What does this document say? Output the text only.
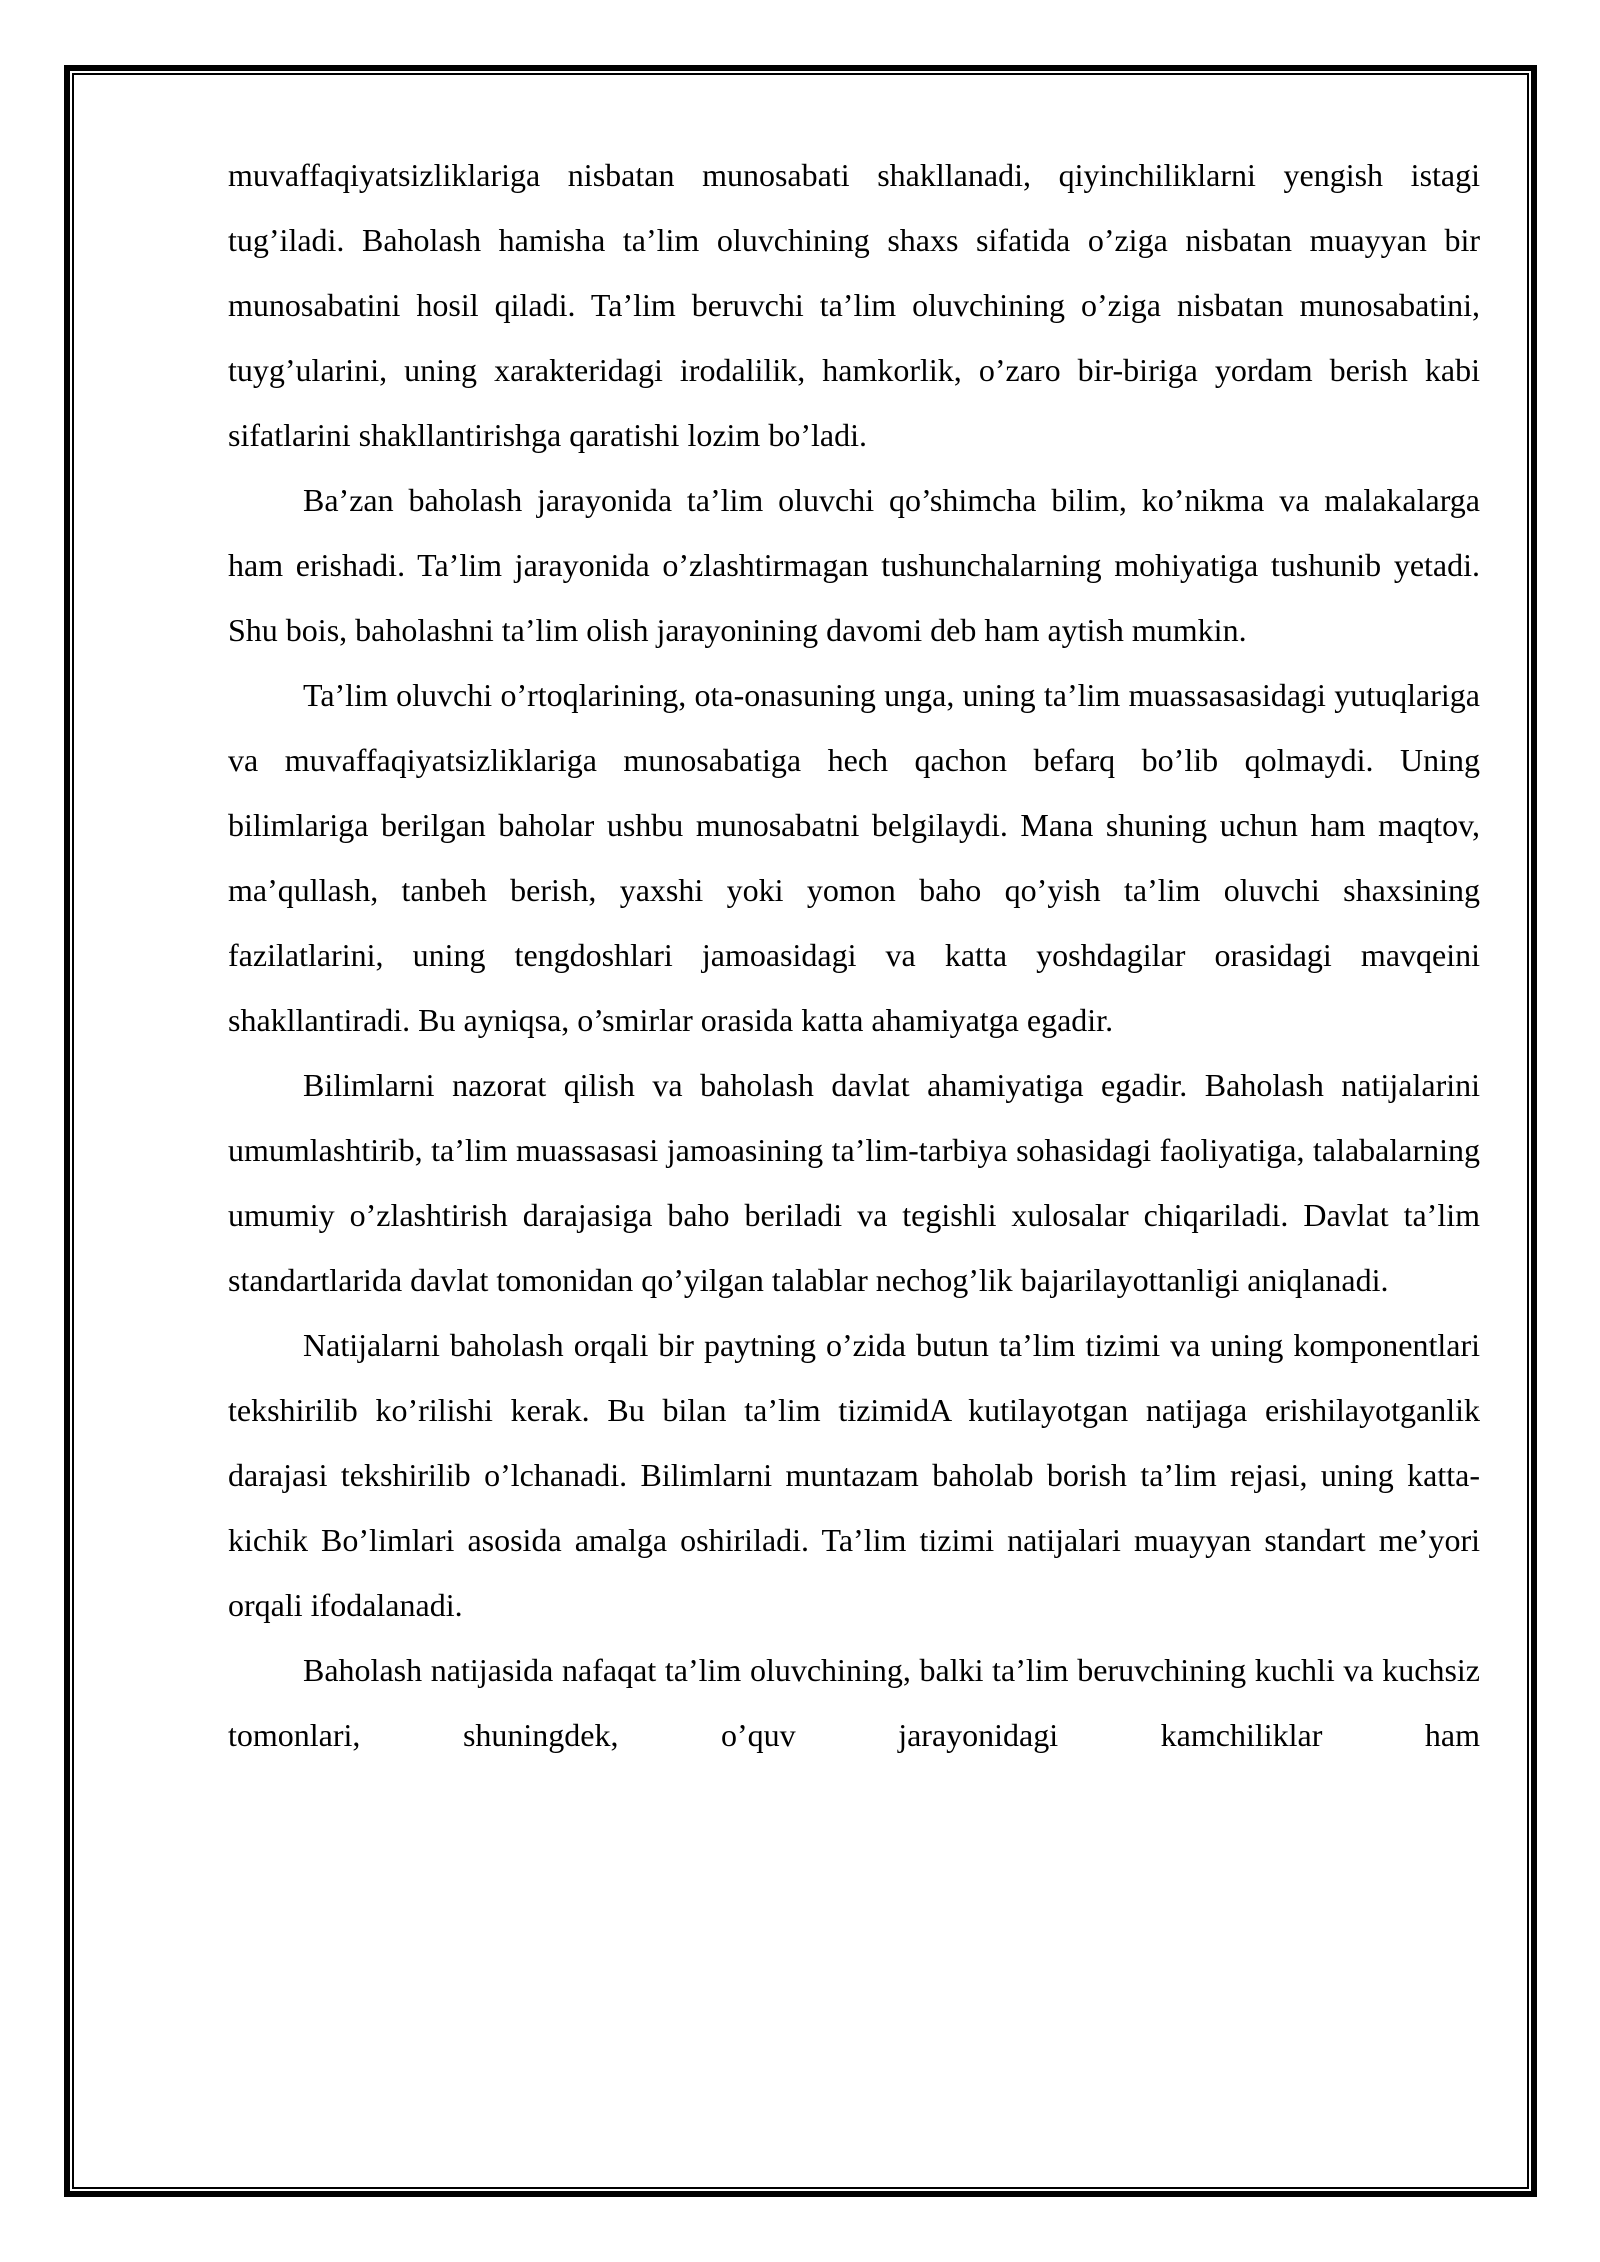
muvaffaqiyatsizliklariga nisbatan munosabati shakllanadi, qiyinchiliklarni yengish istagi tug’iladi. Baholash hamisha ta’lim oluvchining shaxs sifatida o’ziga nisbatan muayyan bir munosabatini hosil qiladi. Ta’lim beruvchi ta’lim oluvchining o’ziga nisbatan munosabatini, tuyg’ularini, uning xarakteridagi irodalilik, hamkorlik, o’zaro bir-biriga yordam berish kabi sifatlarini shakllantirishga qaratishi lozim bo’ladi.

Ba’zan baholash jarayonida ta’lim oluvchi qo’shimcha bilim, ko’nikma va malakalarga ham erishadi. Ta’lim jarayonida o’zlashtirmagan tushunchalarning mohiyatiga tushunib yetadi. Shu bois, baholashni ta’lim olish jarayonining davomi deb ham aytish mumkin.

Ta’lim oluvchi o’rtoqlarining, ota-onasuning unga, uning ta’lim muassasasidagi yutuqlariga va muvaffaqiyatsizliklariga munosabatiga hech qachon befarq bo’lib qolmaydi. Uning bilimlariga berilgan baholar ushbu munosabatni belgilaydi. Mana shuning uchun ham maqtov, ma’qullash, tanbeh berish, yaxshi yoki yomon baho qo’yish ta’lim oluvchi shaxsining fazilatlarini, uning tengdoshlari jamoasidagi va katta yoshdagilar orasidagi mavqeini shakllantiradi. Bu ayniqsa, o’smirlar orasida katta ahamiyatga egadir.

Bilimlarni nazorat qilish va baholash davlat ahamiyatiga egadir. Baholash natijalarini umumlashtirib, ta’lim muassasasi jamoasining ta’lim-tarbiya sohasidagi faoliyatiga, talabalarning umumiy o’zlashtirish darajasiga baho beriladi va tegishli xulosalar chiqariladi. Davlat ta’lim standartlarida davlat tomonidan qo’yilgan talablar nechog’lik bajarilayottanligi aniqlanadi.

Natijalarni baholash orqali bir paytning o’zida butun ta’lim tizimi va uning komponentlari tekshirilib ko’rilishi kerak. Bu bilan ta’lim tizimidA kutilayotgan natijaga erishilayotganlik darajasi tekshirilib o’lchanadi. Bilimlarni muntazam baholab borish ta’lim rejasi, uning katta-kichik Bo’limlari asosida amalga oshiriladi. Ta’lim tizimi natijalari muayyan standart me’yori orqali ifodalanadi.

Baholash natijasida nafaqat ta’lim oluvchining, balki ta’lim beruvchining kuchli va kuchsiz tomonlari, shuningdek, o’quv jarayonidagi kamchiliklar ham
